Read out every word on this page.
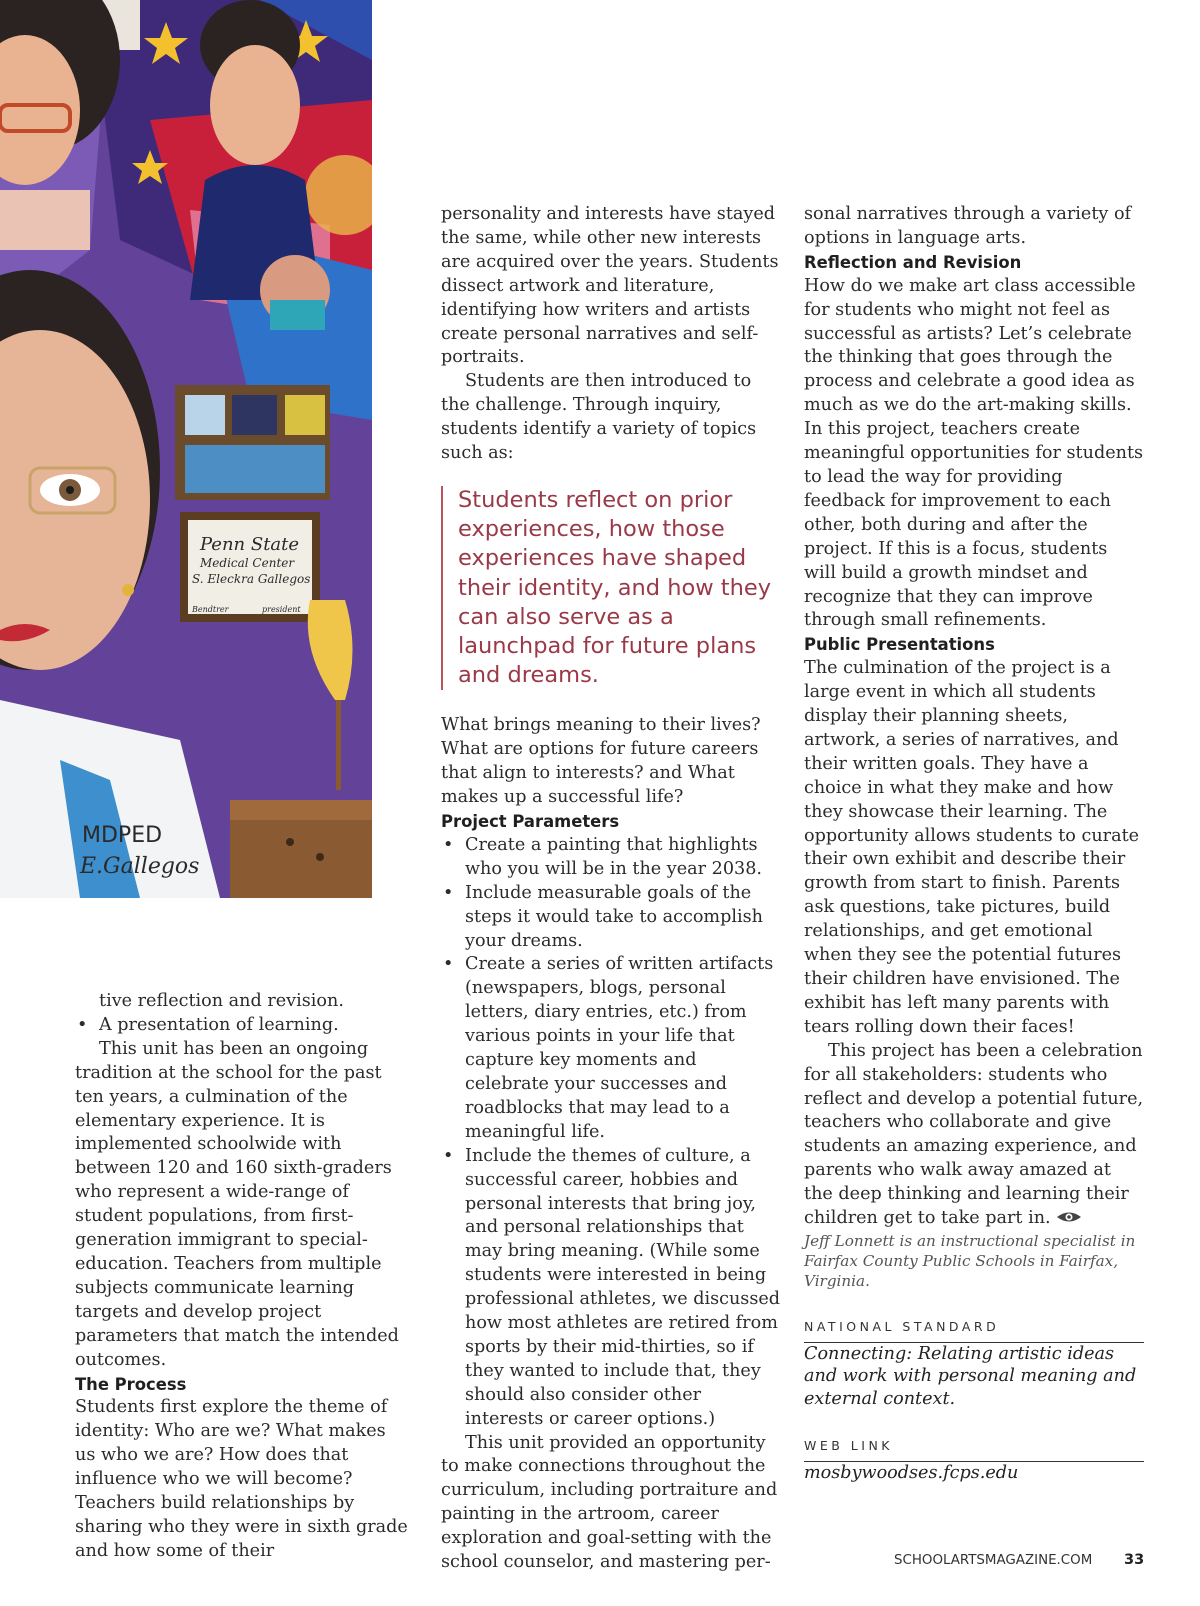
Penn State
Medical Center
S. Eleckra Gallegos
Bendtrer	president
MDPED
E.Gallegos

tive reflection and revision.

• A presentation of learning.

This unit has been an ongoing tradition at the school for the past ten years, a culmination of the elementary experience. It is implemented schoolwide with between 120 and 160 sixth-graders who represent a wide-range of student populations, from first-generation immigrant to special-education. Teachers from multiple subjects communicate learning targets and develop project parameters that match the intended outcomes.

The Process

Students first explore the theme of identity: Who are we? What makes us who we are? How does that influence who we will become? Teachers build relationships by sharing who they were in sixth grade and how some of their

personality and interests have stayed the same, while other new interests are acquired over the years. Students dissect artwork and literature, identifying how writers and artists create personal narratives and self-portraits.

Students are then introduced to the challenge. Through inquiry, students identify a variety of topics such as:

Students reflect on prior experiences, how those experiences have shaped their identity, and how they can also serve as a launchpad for future plans and dreams.

What brings meaning to their lives? What are options for future careers that align to interests? and What makes up a successful life?

Project Parameters

• Create a painting that highlights who you will be in the year 2038.
• Include measurable goals of the steps it would take to accomplish your dreams.
• Create a series of written artifacts (newspapers, blogs, personal letters, diary entries, etc.) from various points in your life that capture key moments and celebrate your successes and roadblocks that may lead to a meaningful life.
• Include the themes of culture, a successful career, hobbies and personal interests that bring joy, and personal relationships that may bring meaning. (While some students were interested in being professional athletes, we discussed how most athletes are retired from sports by their mid-thirties, so if they wanted to include that, they should also consider other interests or career options.)

This unit provided an opportunity to make connections throughout the curriculum, including portraiture and painting in the artroom, career exploration and goal-setting with the school counselor, and mastering per-

sonal narratives through a variety of options in language arts.

Reflection and Revision

How do we make art class accessible for students who might not feel as successful as artists? Let’s celebrate the thinking that goes through the process and celebrate a good idea as much as we do the art-making skills. In this project, teachers create meaningful opportunities for students to lead the way for providing feedback for improvement to each other, both during and after the project. If this is a focus, students will build a growth mindset and recognize that they can improve through small refinements.

Public Presentations

The culmination of the project is a large event in which all students display their planning sheets, artwork, a series of narratives, and their written goals. They have a choice in what they make and how they showcase their learning. The opportunity allows students to curate their own exhibit and describe their growth from start to finish. Parents ask questions, take pictures, build relationships, and get emotional when they see the potential futures their children have envisioned. The exhibit has left many parents with tears rolling down their faces!

This project has been a celebration for all stakeholders: students who reflect and develop a potential future, teachers who collaborate and give students an amazing experience, and parents who walk away amazed at the deep thinking and learning their children get to take part in.

Jeff Lonnett is an instructional specialist in Fairfax County Public Schools in Fairfax, Virginia.

NATIONAL STANDARD

Connecting: Relating artistic ideas and work with personal meaning and external context.

WEB LINK

mosbywoodses.fcps.edu

SCHOOLARTSMAGAZINE.COM 33
